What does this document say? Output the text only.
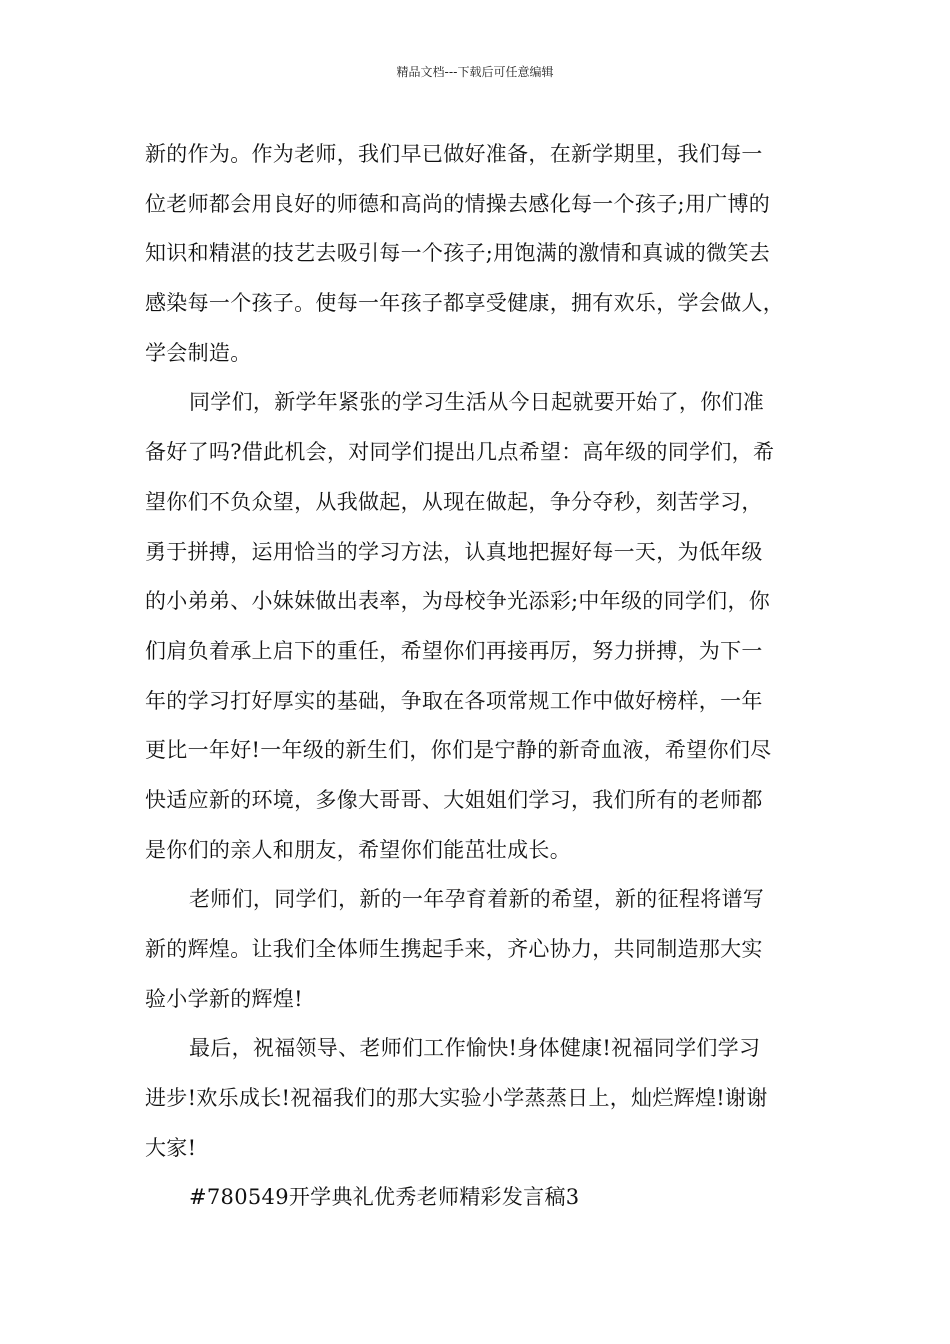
精品文档---下载后可任意编辑
新的作为。作为老师，我们早已做好准备，在新学期里，我们每一
位老师都会用良好的师德和高尚的情操去感化每一个孩子;用广博的
知识和精湛的技艺去吸引每一个孩子;用饱满的激情和真诚的微笑去
感染每一个孩子。使每一年孩子都享受健康，拥有欢乐，学会做人，
学会制造。
同学们，新学年紧张的学习生活从今日起就要开始了，你们准
备好了吗?借此机会，对同学们提出几点希望：高年级的同学们，希
望你们不负众望，从我做起，从现在做起，争分夺秒，刻苦学习，
勇于拼搏，运用恰当的学习方法，认真地把握好每一天，为低年级
的小弟弟、小妹妹做出表率，为母校争光添彩;中年级的同学们，你
们肩负着承上启下的重任，希望你们再接再厉，努力拼搏，为下一
年的学习打好厚实的基础，争取在各项常规工作中做好榜样，一年
更比一年好!一年级的新生们，你们是宁静的新奇血液，希望你们尽
快适应新的环境，多像大哥哥、大姐姐们学习，我们所有的老师都
是你们的亲人和朋友，希望你们能茁壮成长。
老师们，同学们，新的一年孕育着新的希望，新的征程将谱写
新的辉煌。让我们全体师生携起手来，齐心协力，共同制造那大实
验小学新的辉煌!
最后，祝福领导、老师们工作愉快!身体健康!祝福同学们学习
进步!欢乐成长!祝福我们的那大实验小学蒸蒸日上，灿烂辉煌!谢谢
大家!
#780549开学典礼优秀老师精彩发言稿3
